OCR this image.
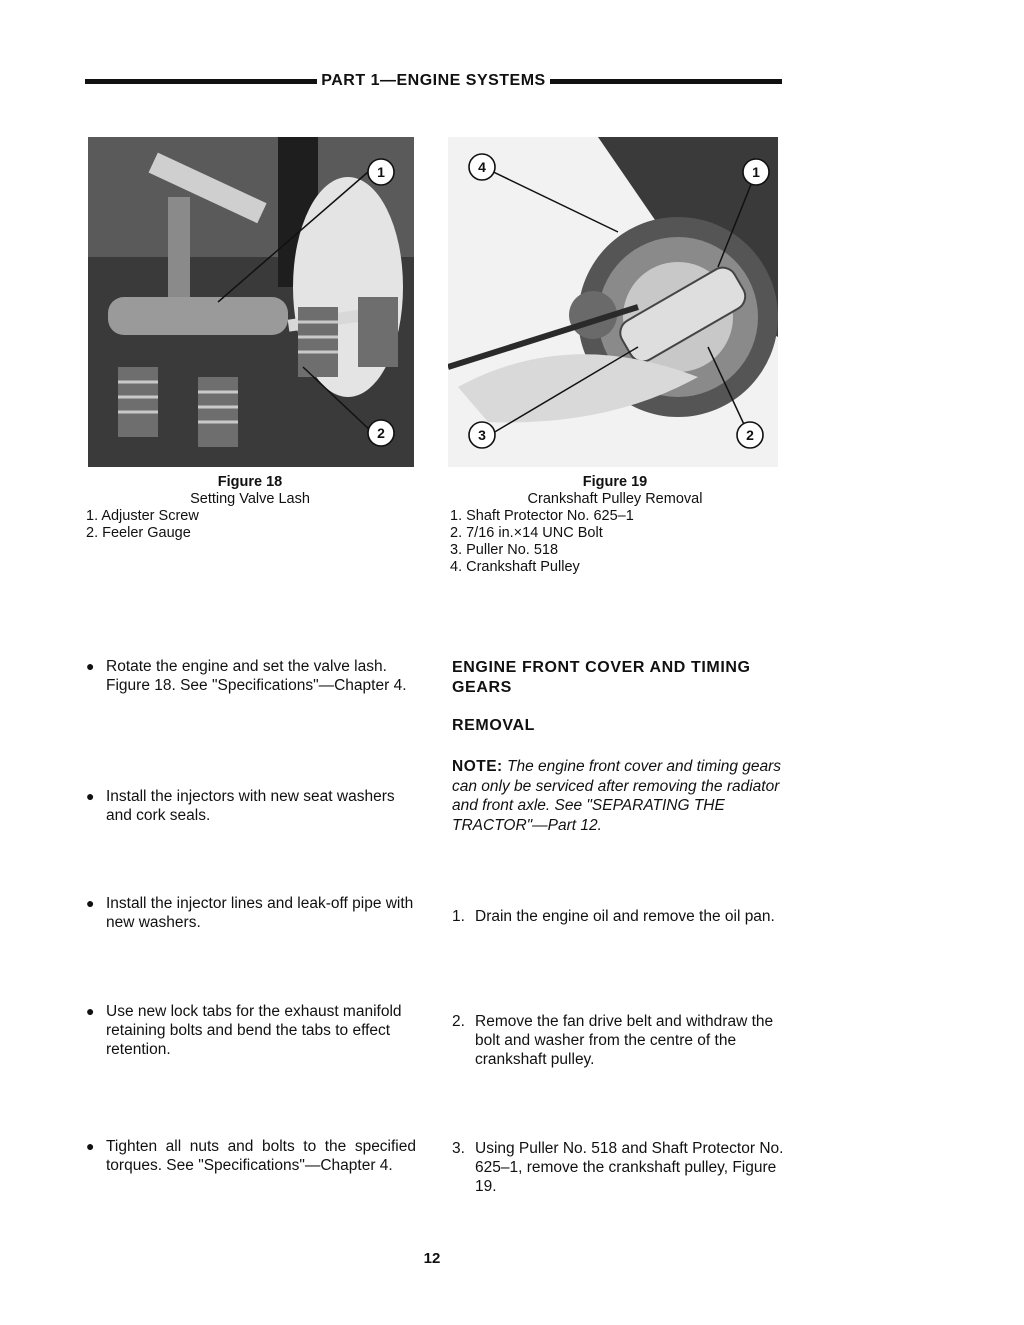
PART 1—ENGINE SYSTEMS
1
2
4	1
3	2
Figure 18
Setting Valve Lash
1. Adjuster Screw
2. Feeler Gauge
Figure 19
Crankshaft Pulley Removal
1. Shaft Protector No. 625–1
2. 7/16 in.×14 UNC Bolt
3. Puller No. 518
4. Crankshaft Pulley
● Rotate the engine and set the valve lash. Figure 18. See "Specifications"—Chapter 4.
● Install the injectors with new seat washers and cork seals.
● Install the injector lines and leak-off pipe with new washers.
● Use new lock tabs for the exhaust manifold retaining bolts and bend the tabs to effect retention.
● Tighten all nuts and bolts to the specified torques. See "Specifications"—Chapter 4.
ENGINE FRONT COVER AND TIMING GEARS
REMOVAL
NOTE: The engine front cover and timing gears can only be serviced after removing the radiator and front axle. See "SEPARATING THE TRACTOR"—Part 12.
1. Drain the engine oil and remove the oil pan.
2. Remove the fan drive belt and withdraw the bolt and washer from the centre of the crankshaft pulley.
3. Using Puller No. 518 and Shaft Protector No. 625–1, remove the crankshaft pulley, Figure 19.
12
